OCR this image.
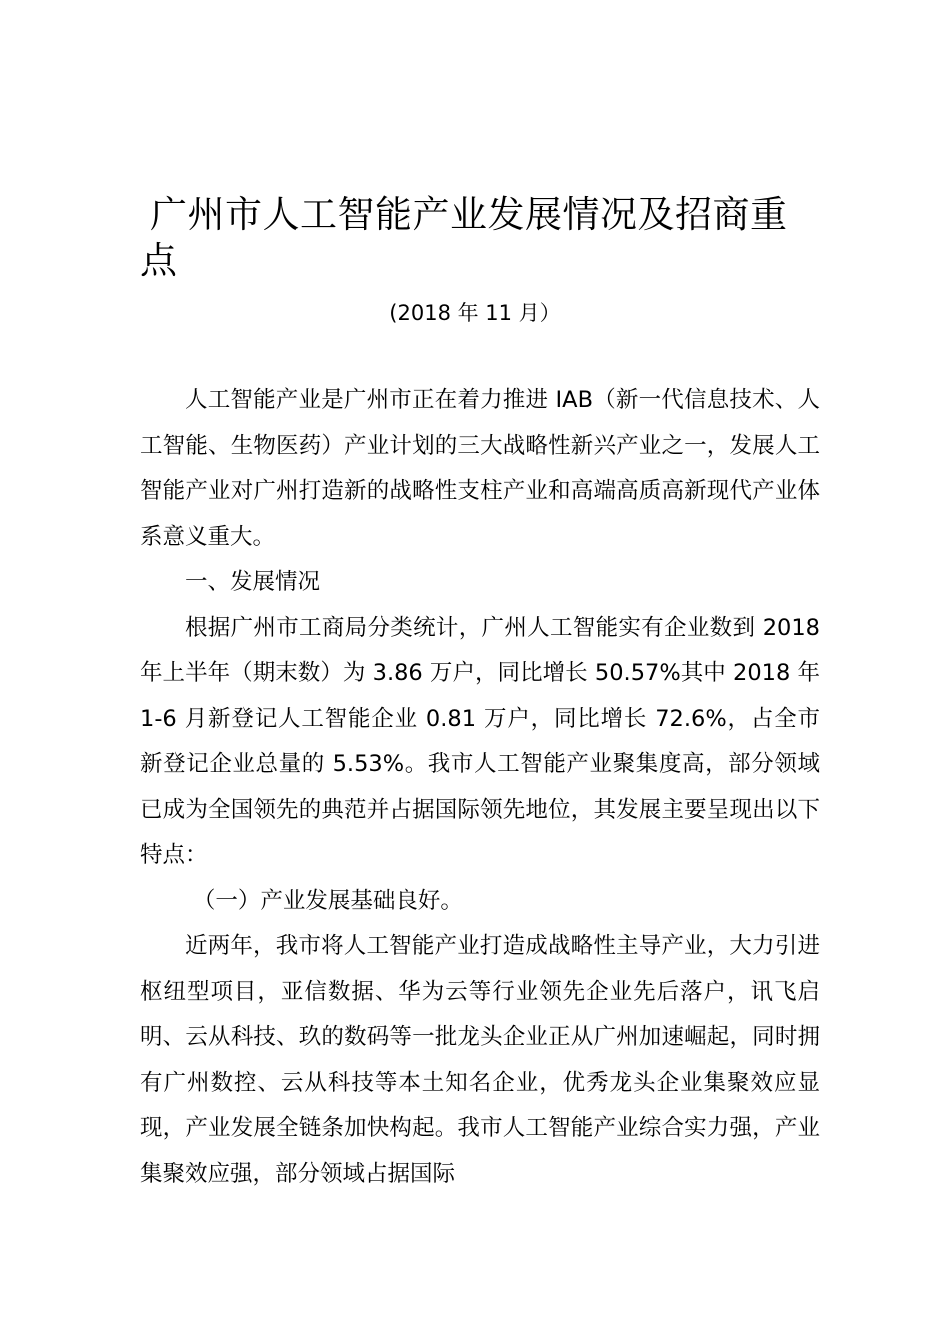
广州市人工智能产业发展情况及招商重点
(2018 年 11 月）

人工智能产业是广州市正在着力推进 IAB（新一代信息技术、人工智能、生物医药）产业计划的三大战略性新兴产业之一，发展人工智能产业对广州打造新的战略性支柱产业和高端高质高新现代产业体系意义重大。

一、发展情况

根据广州市工商局分类统计，广州人工智能实有企业数到 2018 年上半年（期末数）为 3.86 万户，同比增长 50.57%其中 2018 年 1-6 月新登记人工智能企业 0.81 万户，同比增长 72.6%，占全市新登记企业总量的 5.53%。我市人工智能产业聚集度高，部分领域已成为全国领先的典范并占据国际领先地位，其发展主要呈现出以下特点：

（一）产业发展基础良好。

近两年，我市将人工智能产业打造成战略性主导产业，大力引进枢纽型项目，亚信数据、华为云等行业领先企业先后落户，讯飞启明、云从科技、玖的数码等一批龙头企业正从广州加速崛起，同时拥有广州数控、云从科技等本土知名企业，优秀龙头企业集聚效应显现，产业发展全链条加快构起。我市人工智能产业综合实力强，产业集聚效应强，部分领域占据国际
